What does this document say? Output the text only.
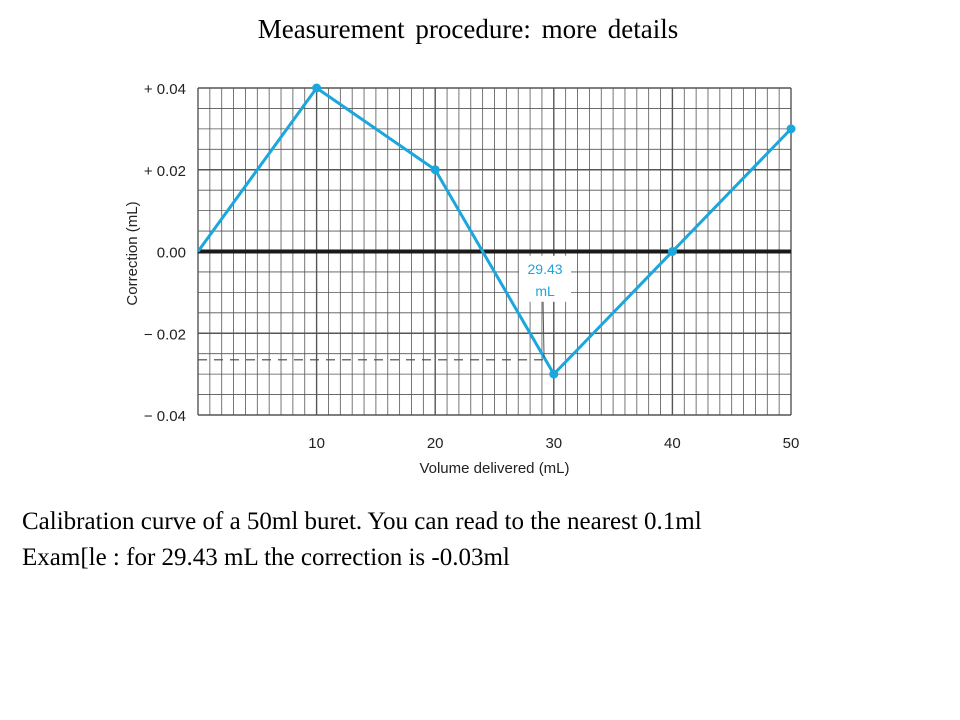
Measurement procedure: more details
+ 0.04
+ 0.02
0.00
− 0.02
− 0.04
10	20	30	40	50
Volume delivered (mL)
Correction (mL)	29.43
mL
Calibration curve of a 50ml buret. You can read to the nearest 0.1ml
Exam[le : for 29.43 mL the correction is -0.03ml
